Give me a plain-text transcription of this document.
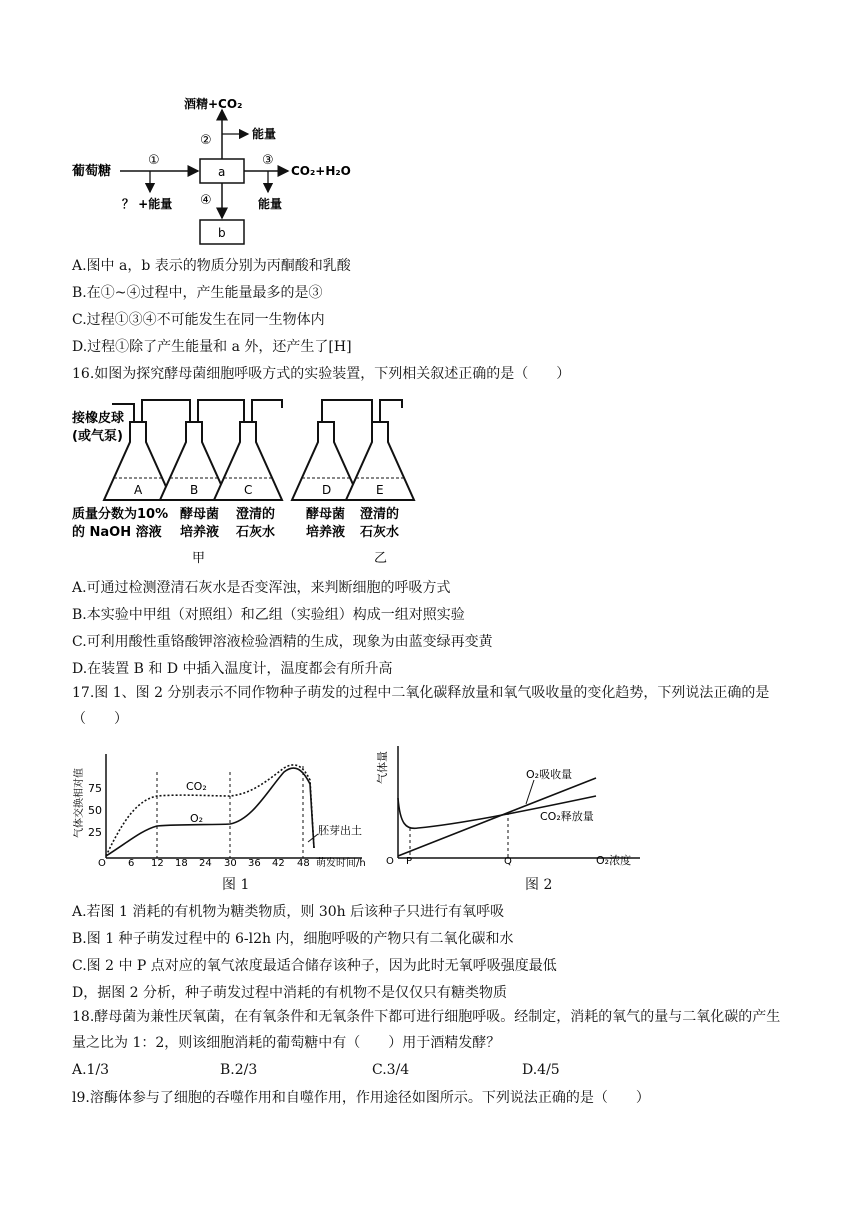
葡萄糖
①
？ +能量
a
酒精+CO₂
②	能量
③
CO₂+H₂O
能量
④
b
A.图中 a，b 表示的物质分别为丙酮酸和乳酸
B.在①~④过程中，产生能量最多的是③
C.过程①③④不可能发生在同一生物体内
D.过程①除了产生能量和 a 外，还产生了[H]
16.如图为探究酵母菌细胞呼吸方式的实验装置，下列相关叙述正确的是（　　）
A	B	C	D	E
接橡皮球
(或气泵)
质量分数为10%
的 NaOH 溶液
酵母菌
培养液
澄清的
石灰水
酵母菌
培养液
澄清的
石灰水
甲	乙
A.可通过检测澄清石灰水是否变浑浊，来判断细胞的呼吸方式
B.本实验中甲组（对照组）和乙组（实验组）构成一组对照实验
C.可利用酸性重铬酸钾溶液检验酒精的生成，现象为由蓝变绿再变黄
D.在装置 B 和 D 中插入温度计，温度都会有所升高
17.图 1、图 2 分别表示不同作物种子萌发的过程中二氧化碳释放量和氧气吸收量的变化趋势，下列说法正确的是（　　）
CO₂
O₂
胚芽出土
气体交换相对值 75
50
25
O 6 12 18 24 30 36 42 48 萌发时间/h
图 1
O₂吸收量
CO₂释放量
气体量
O P	Q	O₂浓度
图 2
A.若图 1 消耗的有机物为糖类物质，则 30h 后该种子只进行有氧呼吸
B.图 1 种子萌发过程中的 6-l2h 内，细胞呼吸的产物只有二氧化碳和水
C.图 2 中 P 点对应的氧气浓度最适合储存该种子，因为此时无氧呼吸强度最低
D，据图 2 分析，种子萌发过程中消耗的有机物不是仅仅只有糖类物质
18.酵母菌为兼性厌氧菌，在有氧条件和无氧条件下都可进行细胞呼吸。经制定，消耗的氧气的量与二氧化碳的产生量之比为 1：2，则该细胞消耗的葡萄糖中有（　　）用于酒精发酵？
A.1/3	B.2/3	C.3/4	D.4/5
l9.溶酶体参与了细胞的吞噬作用和自噬作用，作用途径如图所示。下列说法正确的是（　　）
